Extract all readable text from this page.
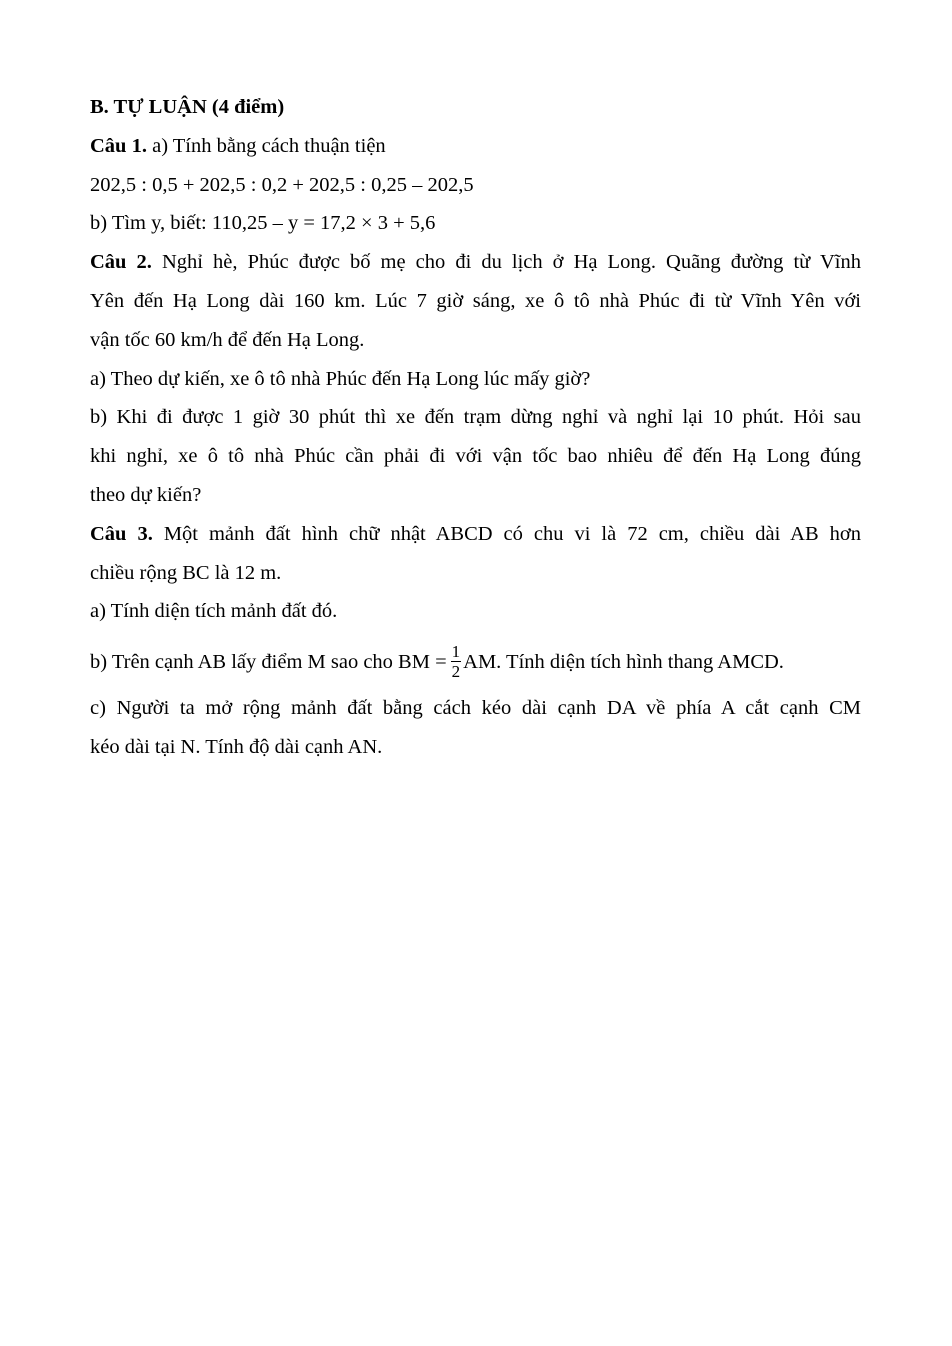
B. TỰ LUẬN (4 điểm)
Câu 1. a) Tính bằng cách thuận tiện
202,5 : 0,5 + 202,5 : 0,2 + 202,5 : 0,25 – 202,5
b) Tìm y, biết: 110,25 – y = 17,2 × 3 + 5,6
Câu 2. Nghỉ hè, Phúc được bố mẹ cho đi du lịch ở Hạ Long. Quãng đường từ Vĩnh
Yên đến Hạ Long dài 160 km. Lúc 7 giờ sáng, xe ô tô nhà Phúc đi từ Vĩnh Yên với
vận tốc 60 km/h để đến Hạ Long.
a) Theo dự kiến, xe ô tô nhà Phúc đến Hạ Long lúc mấy giờ?
b) Khi đi được 1 giờ 30 phút thì xe đến trạm dừng nghỉ và nghỉ lại 10 phút. Hỏi sau
khi nghỉ, xe ô tô nhà Phúc cần phải đi với vận tốc bao nhiêu để đến Hạ Long đúng
theo dự kiến?
Câu 3. Một mảnh đất hình chữ nhật ABCD có chu vi là 72 cm, chiều dài AB hơn
chiều rộng BC là 12 m.
a) Tính diện tích mảnh đất đó.
b) Trên cạnh AB lấy điểm M sao cho BM = $\frac{1}{2}$ AM. Tính diện tích hình thang AMCD.
c) Người ta mở rộng mảnh đất bằng cách kéo dài cạnh DA về phía A cắt cạnh CM
kéo dài tại N. Tính độ dài cạnh AN.
